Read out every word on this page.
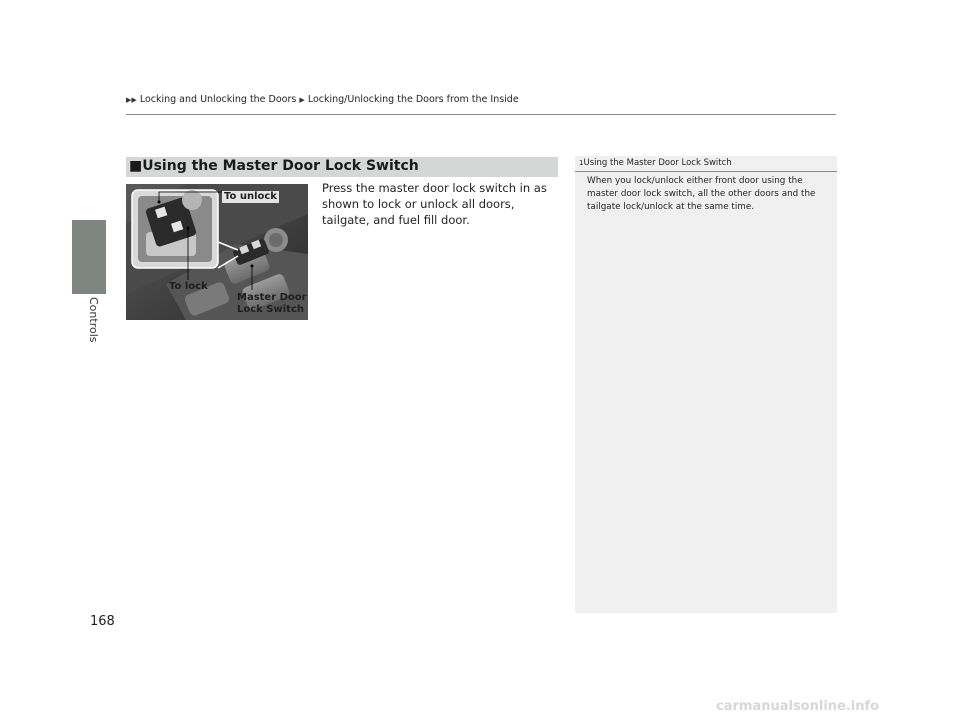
Controls
▶▶ Locking and Unlocking the Doors ▶ Locking/Unlocking the Doors from the Inside
■Using the Master Door Lock Switch
To unlock
To lock
Master Door
Lock Switch
Press the master door lock switch in as shown to lock or unlock all doors, tailgate, and fuel fill door.
1Using the Master Door Lock Switch
When you lock/unlock either front door using the master door lock switch, all the other doors and the tailgate lock/unlock at the same time.
168
carmanualsonline.info
